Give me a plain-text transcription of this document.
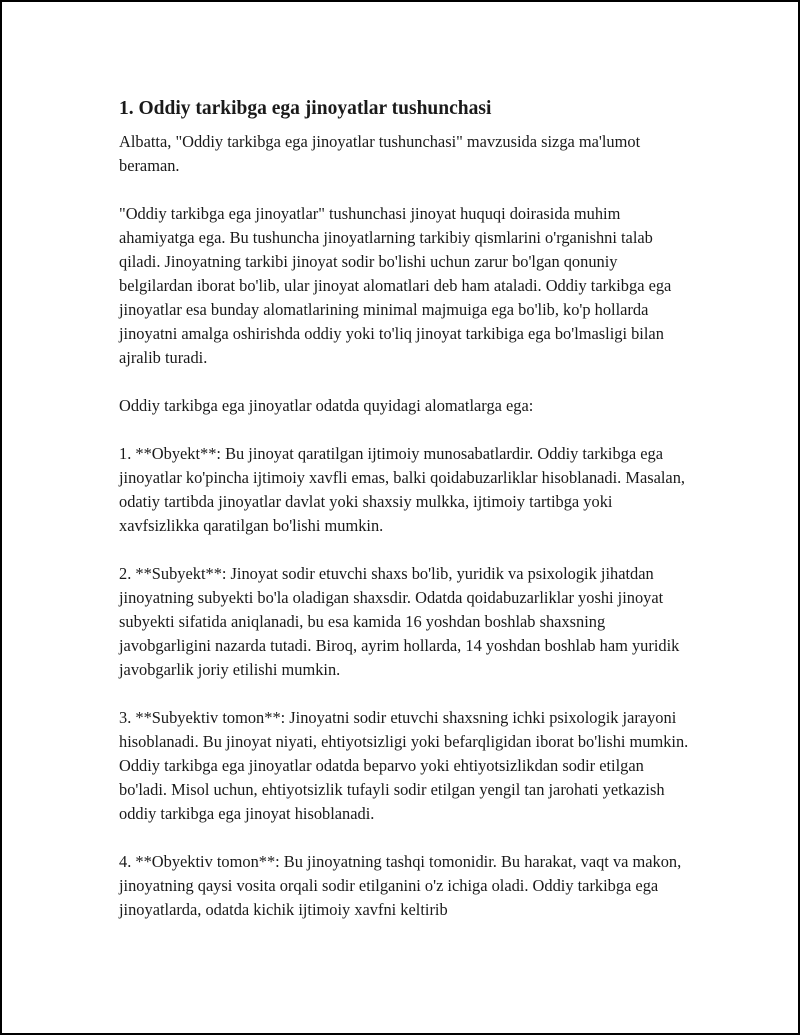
1. Oddiy tarkibga ega jinoyatlar tushunchasi

Albatta, "Oddiy tarkibga ega jinoyatlar tushunchasi" mavzusida sizga ma'lumot beraman.

"Oddiy tarkibga ega jinoyatlar" tushunchasi jinoyat huquqi doirasida muhim ahamiyatga ega. Bu tushuncha jinoyatlarning tarkibiy qismlarini o'rganishni talab qiladi. Jinoyatning tarkibi jinoyat sodir bo'lishi uchun zarur bo'lgan qonuniy belgilardan iborat bo'lib, ular jinoyat alomatlari deb ham ataladi. Oddiy tarkibga ega jinoyatlar esa bunday alomatlarining minimal majmuiga ega bo'lib, ko'p hollarda jinoyatni amalga oshirishda oddiy yoki to'liq jinoyat tarkibiga ega bo'lmasligi bilan ajralib turadi.

Oddiy tarkibga ega jinoyatlar odatda quyidagi alomatlarga ega:

1. **Obyekt**: Bu jinoyat qaratilgan ijtimoiy munosabatlardir. Oddiy tarkibga ega jinoyatlar ko'pincha ijtimoiy xavfli emas, balki qoidabuzarliklar hisoblanadi. Masalan, odatiy tartibda jinoyatlar davlat yoki shaxsiy mulkka, ijtimoiy tartibga yoki xavfsizlikka qaratilgan bo'lishi mumkin.

2. **Subyekt**: Jinoyat sodir etuvchi shaxs bo'lib, yuridik va psixologik jihatdan jinoyatning subyekti bo'la oladigan shaxsdir. Odatda qoidabuzarliklar yoshi jinoyat subyekti sifatida aniqlanadi, bu esa kamida 16 yoshdan boshlab shaxsning javobgarligini nazarda tutadi. Biroq, ayrim hollarda, 14 yoshdan boshlab ham yuridik javobgarlik joriy etilishi mumkin.

3. **Subyektiv tomon**: Jinoyatni sodir etuvchi shaxsning ichki psixologik jarayoni hisoblanadi. Bu jinoyat niyati, ehtiyotsizligi yoki befarqligidan iborat bo'lishi mumkin. Oddiy tarkibga ega jinoyatlar odatda beparvo yoki ehtiyotsizlikdan sodir etilgan bo'ladi. Misol uchun, ehtiyotsizlik tufayli sodir etilgan yengil tan jarohati yetkazish oddiy tarkibga ega jinoyat hisoblanadi.

4. **Obyektiv tomon**: Bu jinoyatning tashqi tomonidir. Bu harakat, vaqt va makon, jinoyatning qaysi vosita orqali sodir etilganini o'z ichiga oladi. Oddiy tarkibga ega jinoyatlarda, odatda kichik ijtimoiy xavfni keltirib
